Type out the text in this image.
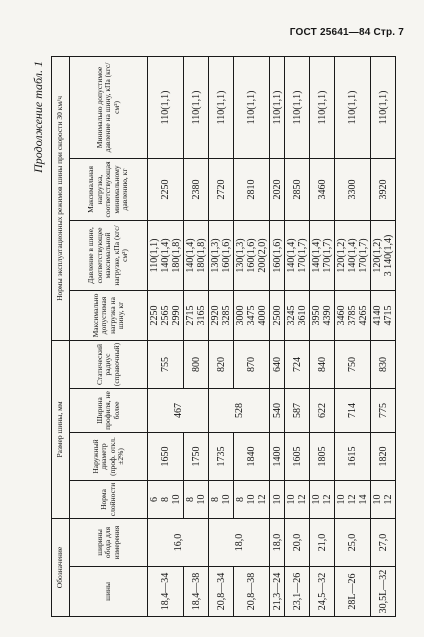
ГОСТ 25641—84 Стр. 7
Продолжение табл. 1
Обозначение		Размер шины, мм				Нормы эксплуатационных режимов шины при скорости 30 км/ч			
шины	ширины обода для измерения	Норма слойности	Наружный диаметр (проф. откл. ±2%)	Ширина профиля, не более	Статический радиус (справочный)	Максимально допустимая нагрузка на шину, кг	Давление в шине, соответствующее максимальной нагрузке, кПа (кгс/см²)	Максимальная нагрузка, соответствующая минимальному давлению, кг	Минимально допустимое давление на шину, кПа (кгс/см²)
18,4—34	16,0	6 8 10	1650	467	755	2250 2565 2990	110(1,1) 140(1,4) 180(1,8)	2250	110(1,1)
18,4—38		8 10	1750		800	2715 3165	140(1,4) 180(1,8)	2380	110(1,1)
20,8—34	18,0	8 10	1735	528	820	2920 3285	130(1,3) 160(1,6)	2720	110(1,1)
20,8—38		8 10 12	1840		870	3000 3475 4000	130(1,3) 160(1,6) 200(2,0)	2810	110(1,1)
21,3—24	18,0	10	1400	540	640	2500	160(1,6)	2020	110(1,1)
23,1—26	20,0	10 12	1605	587	724	3245 3610	140(1,4) 170(1,7)	2850	110(1,1)
24,5—32	21,0	10 12	1805	622	840	3950 4390	140(1,4) 170(1,7)	3460	110(1,1)
28L—26	25,0	10 12 14	1615	714	750	3460 3785 4265	120(1,2) 140(1,4) 170(1,7)	3300	110(1,1)
30,5L—32	27,0	10 12	1820	775	830	4140 4715	120(1,2) 3 140(1,4)	3920	110(1,1)
